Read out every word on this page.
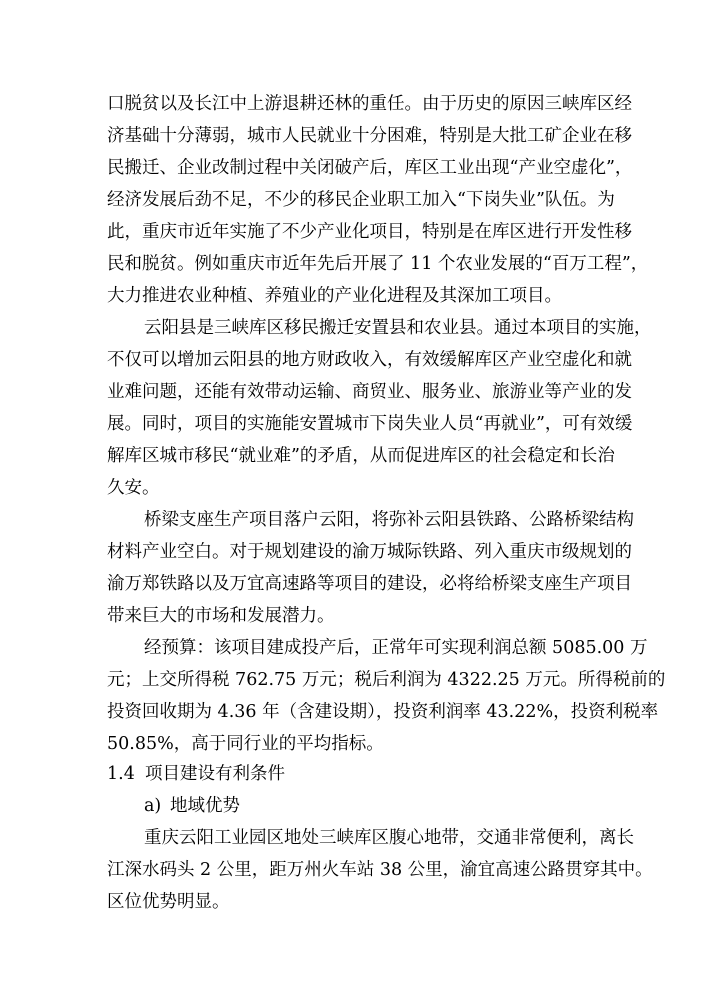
口脱贫以及长江中上游退耕还林的重任。由于历史的原因三峡库区经
济基础十分薄弱，城市人民就业十分困难，特别是大批工矿企业在移
民搬迁、企业改制过程中关闭破产后，库区工业出现“产业空虚化”，
经济发展后劲不足，不少的移民企业职工加入“下岗失业”队伍。为
此，重庆市近年实施了不少产业化项目，特别是在库区进行开发性移
民和脱贫。例如重庆市近年先后开展了 11 个农业发展的“百万工程”，
大力推进农业种植、养殖业的产业化进程及其深加工项目。
云阳县是三峡库区移民搬迁安置县和农业县。通过本项目的实施，
不仅可以增加云阳县的地方财政收入，有效缓解库区产业空虚化和就
业难问题，还能有效带动运输、商贸业、服务业、旅游业等产业的发
展。同时，项目的实施能安置城市下岗失业人员“再就业”，可有效缓
解库区城市移民“就业难”的矛盾，从而促进库区的社会稳定和长治
久安。
桥梁支座生产项目落户云阳，将弥补云阳县铁路、公路桥梁结构
材料产业空白。对于规划建设的渝万城际铁路、列入重庆市级规划的
渝万郑铁路以及万宜高速路等项目的建设，必将给桥梁支座生产项目
带来巨大的市场和发展潜力。
经预算：该项目建成投产后，正常年可实现利润总额 5085.00 万
元；上交所得税 762.75 万元；税后利润为 4322.25 万元。所得税前的
投资回收期为 4.36 年（含建设期），投资利润率 43.22%，投资利税率
50.85%，高于同行业的平均指标。
1.4 项目建设有利条件
a) 地域优势
重庆云阳工业园区地处三峡库区腹心地带，交通非常便利，离长
江深水码头 2 公里，距万州火车站 38 公里，渝宜高速公路贯穿其中。
区位优势明显。
